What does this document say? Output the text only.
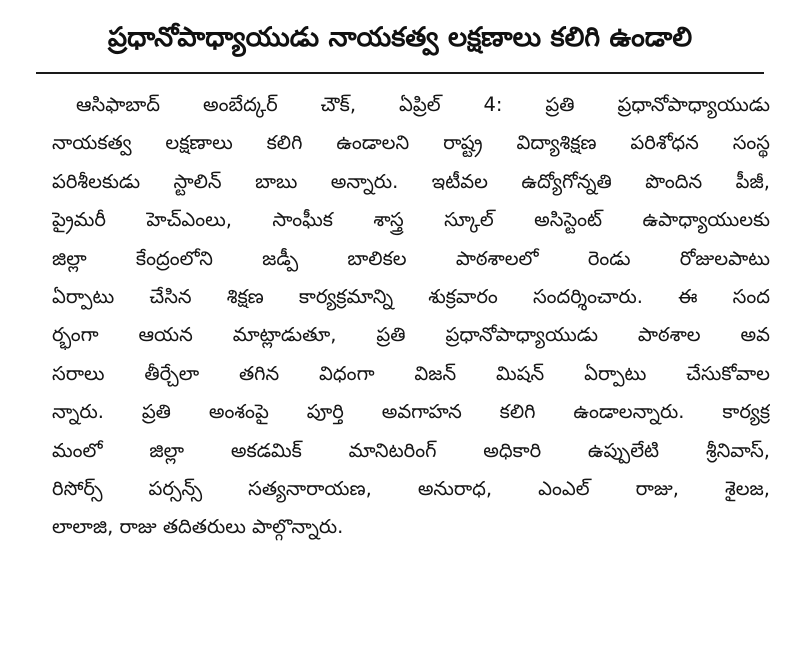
ప్రధానోపాధ్యాయుడు నాయకత్వ లక్షణాలు కలిగి ఉండాలి
ఆసిఫాబాద్ అంబేద్కర్ చౌక్, ఏప్రిల్ 4: ప్రతి ప్రధానోపాధ్యాయుడు
నాయకత్వ లక్షణాలు కలిగి ఉండాలని రాష్ట్ర విద్యాశిక్షణ పరిశోధన సంస్థ
పరిశీలకుడు స్టాలిన్ బాబు అన్నారు. ఇటీవల ఉద్యోగోన్నతి పొందిన పీజీ,
ప్రైమరీ హెచ్‌ఎంలు, సాంఘీక శాస్త్ర స్కూల్ అసిస్టెంట్ ఉపాధ్యాయులకు
జిల్లా కేంద్రంలోని జడ్పీ బాలికల పాఠశాలలో రెండు రోజులపాటు
ఏర్పాటు చేసిన శిక్షణ కార్యక్రమాన్ని శుక్రవారం సందర్శించారు. ఈ సంద
ర్భంగా ఆయన మాట్లాడుతూ, ప్రతి ప్రధానోపాధ్యాయుడు పాఠశాల అవ
సరాలు తీర్చేలా తగిన విధంగా విజన్ మిషన్ ఏర్పాటు చేసుకోవాల
న్నారు. ప్రతి అంశంపై పూర్తి అవగాహన కలిగి ఉండాలన్నారు. కార్యక్ర
మంలో జిల్లా అకడమిక్ మానిటరింగ్ అధికారి ఉప్పులేటి శ్రీనివాస్,
రిసోర్స్ పర్సన్స్ సత్యనారాయణ, అనురాధ, ఎంఎల్ రాజు, శైలజ,
లాలాజి, రాజు తదితరులు పాల్గొన్నారు.
